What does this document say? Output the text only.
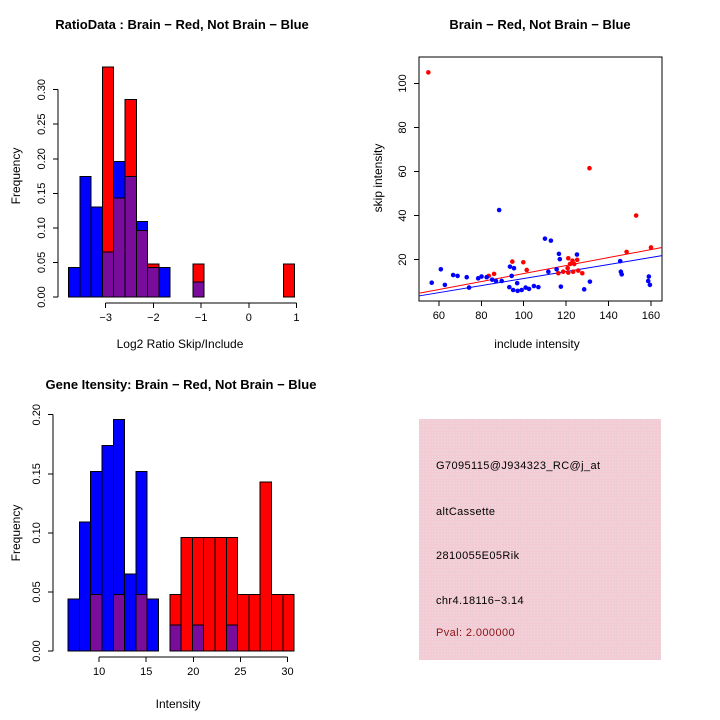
0.00
0.05
0.10
0.15
0.20
0.25
0.30
−3	−2	−1	0	1	60	80 100 120 140 160
20
40
60
80
100
0.00
0.05
0.10
0.15
0.20
10	15	20	25	30
RatioData : Brain − Red, Not Brain − Blue	Brain − Red, Not Brain − Blue
Gene Itensity: Brain − Red, Not Brain − Blue
Log2 Ratio Skip/Include	include intensity
Intensity
Frequency	skip intensity
Frequency
G7095115@J934323_RC@j_at
altCassette
2810055E05Rik
chr4.18116−3.14
Pval: 2.000000
